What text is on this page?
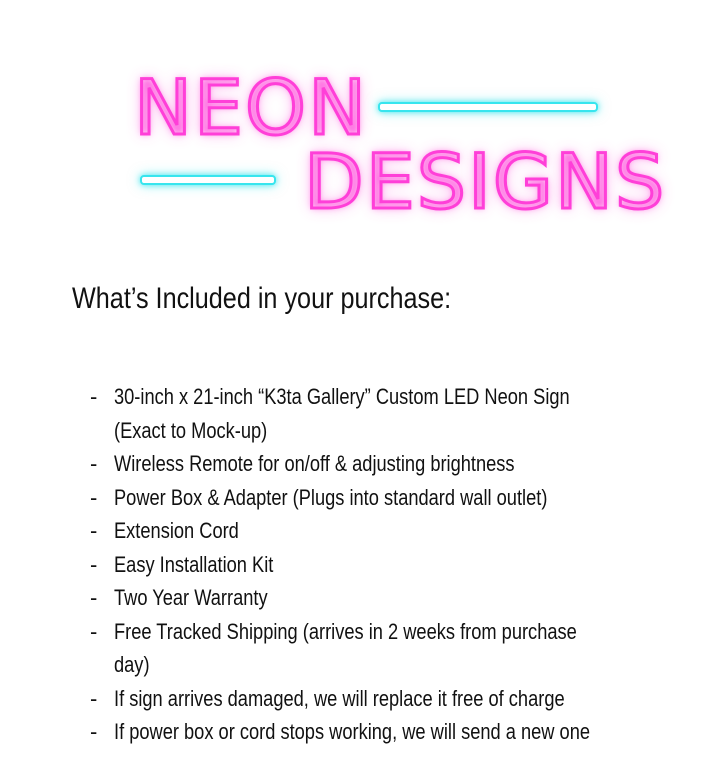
NEON
DESIGNS
What’s Included in your purchase:
- 30-inch x 21-inch “K3ta Gallery” Custom LED Neon Sign (Exact to Mock-up)
- Wireless Remote for on/off & adjusting brightness
- Power Box & Adapter (Plugs into standard wall outlet)
- Extension Cord
- Easy Installation Kit
- Two Year Warranty
- Free Tracked Shipping (arrives in 2 weeks from purchase day)
- If sign arrives damaged, we will replace it free of charge
- If power box or cord stops working, we will send a new one
